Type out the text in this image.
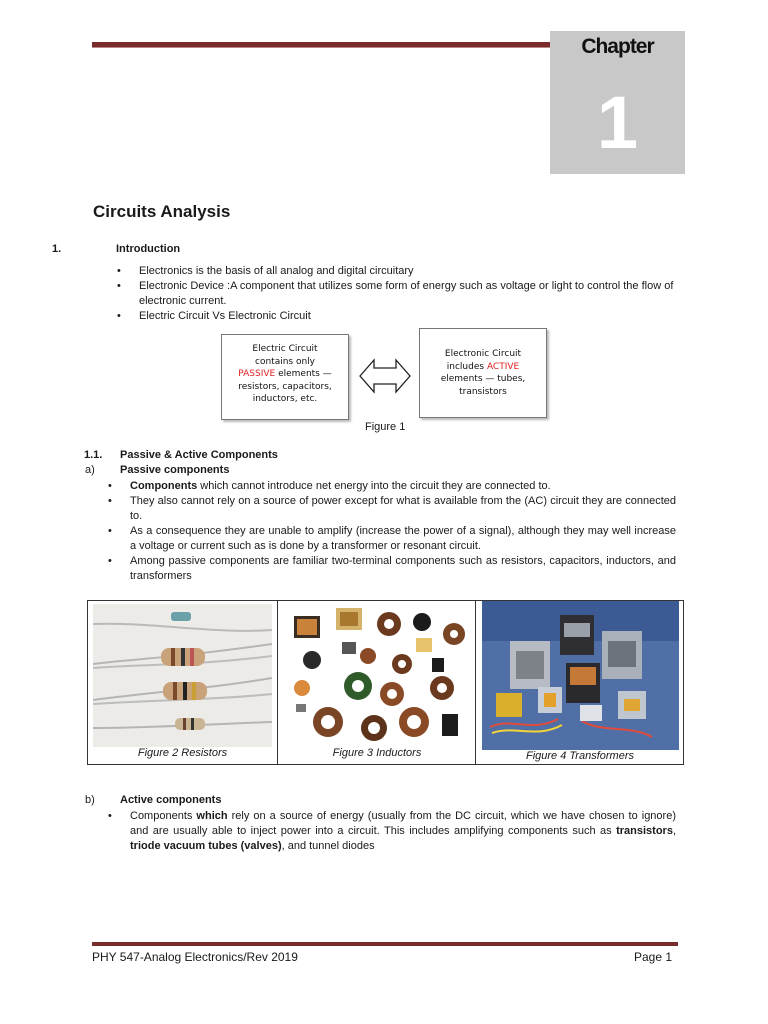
Chapter
1
Circuits Analysis
1.	Introduction
• Electronics is the basis of all analog and digital circuitary
• Electronic Device :A component that utilizes some form of energy such as voltage or light to control the flow of electronic current.
• Electric Circuit Vs Electronic Circuit
Electric Circuit
contains only
PASSIVE elements —
resistors, capacitors,
inductors, etc.
Electronic Circuit
includes ACTIVE
elements — tubes,
transistors
Figure 1
1.1. Passive & Active Components
a) Passive components
• Components which cannot introduce net energy into the circuit they are connected to.
• They also cannot rely on a source of power except for what is available from the (AC) circuit they are connected to.
• As a consequence they are unable to amplify (increase the power of a signal), although they may well increase a voltage or current such as is done by a transformer or resonant circuit.
• Among passive components are familiar two-terminal components such as resistors, capacitors, inductors, and transformers
Figure 2 Resistors	Figure 3 Inductors	Figure 4 Transformers
b) Active components
• Components which rely on a source of energy (usually from the DC circuit, which we have chosen to ignore) and are usually able to inject power into a circuit. This includes amplifying components such as transistors, triode vacuum tubes (valves), and tunnel diodes
PHY 547-Analog Electronics/Rev 2019	Page 1
